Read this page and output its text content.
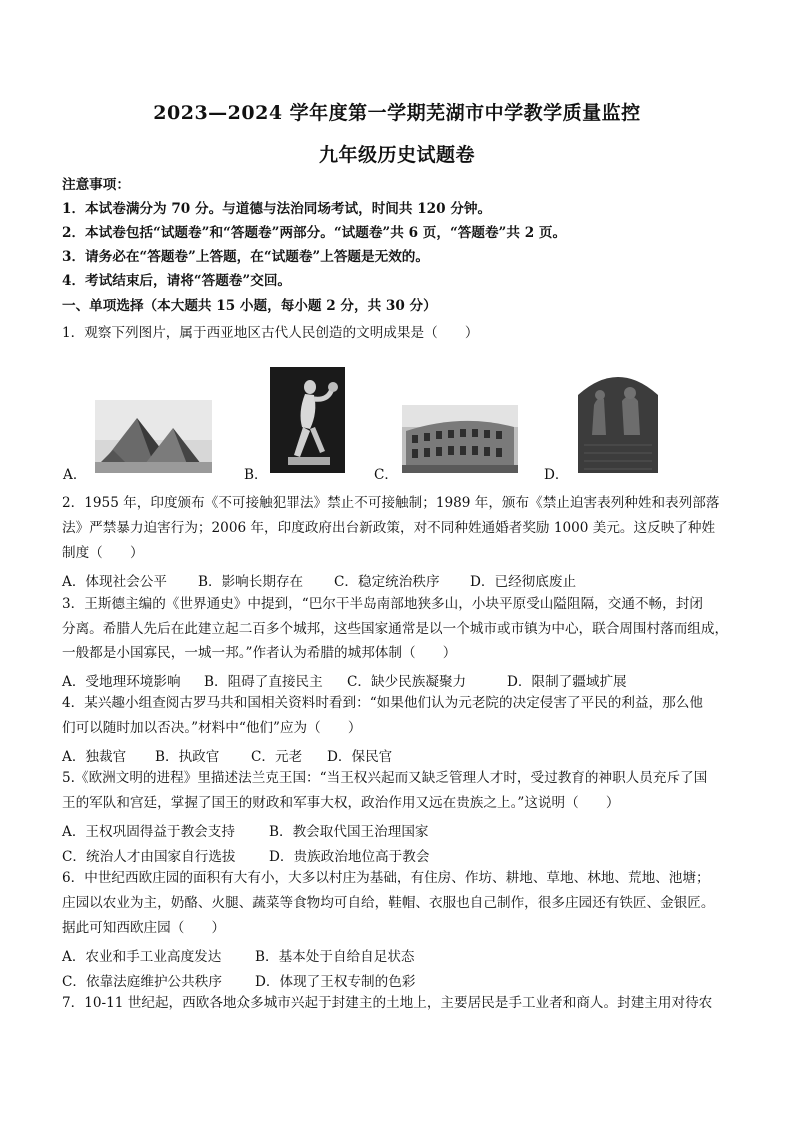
2023—2024 学年度第一学期芜湖市中学教学质量监控
九年级历史试题卷
注意事项：
1．本试卷满分为 70 分。与道德与法治同场考试，时间共 120 分钟。
2．本试卷包括“试题卷”和“答题卷”两部分。“试题卷”共 6 页，“答题卷”共 2 页。
3．请务必在“答题卷”上答题，在“试题卷”上答题是无效的。
4．考试结束后，请将“答题卷”交回。
一、单项选择（本大题共 15 小题，每小题 2 分，共 30 分）
1．观察下列图片，属于西亚地区古代人民创造的文明成果是（　　）
A．	B．	C．	D．
2．1955 年，印度颁布《不可接触犯罪法》禁止不可接触制；1989 年，颁布《禁止迫害表列种姓和表列部落
法》严禁暴力迫害行为；2006 年，印度政府出台新政策，对不同种姓通婚者奖励 1000 美元。这反映了种姓
制度（　　）
A．体现社会公平 B．影响长期存在 C．稳定统治秩序 D．已经彻底废止
3．王斯德主编的《世界通史》中提到，“巴尔干半岛南部地狭多山，小块平原受山隘阻隔，交通不畅，封闭
分离。希腊人先后在此建立起二百多个城邦，这些国家通常是以一个城市或市镇为中心，联合周围村落而组成，
一般都是小国寡民，一城一邦。”作者认为希腊的城邦体制（　　）
A．受地理环境影响 B．阻碍了直接民主 C．缺少民族凝聚力	D．限制了疆域扩展
4．某兴趣小组查阅古罗马共和国相关资料时看到：“如果他们认为元老院的决定侵害了平民的利益，那么他
们可以随时加以否决。”材料中“他们”应为（　　）
A．独裁官 B．执政官 C．元老 D．保民官
5.《欧洲文明的进程》里描述法兰克王国：“当王权兴起而又缺乏管理人才时，受过教育的神职人员充斥了国
王的军队和宫廷，掌握了国王的财政和军事大权，政治作用又远在贵族之上。”这说明（　　）
A．王权巩固得益于教会支持	B．教会取代国王治理国家
C．统治人才由国家自行选拔 D．贵族政治地位高于教会
6．中世纪西欧庄园的面积有大有小，大多以村庄为基础，有住房、作坊、耕地、草地、林地、荒地、池塘；
庄园以农业为主，奶酪、火腿、蔬菜等食物均可自给，鞋帽、衣服也自己制作，很多庄园还有铁匠、金银匠。
据此可知西欧庄园（　　）
A．农业和手工业高度发达 B．基本处于自给自足状态
C．依靠法庭维护公共秩序 D．体现了王权专制的色彩
7．10-11 世纪起，西欧各地众多城市兴起于封建主的土地上，主要居民是手工业者和商人。封建主用对待农
